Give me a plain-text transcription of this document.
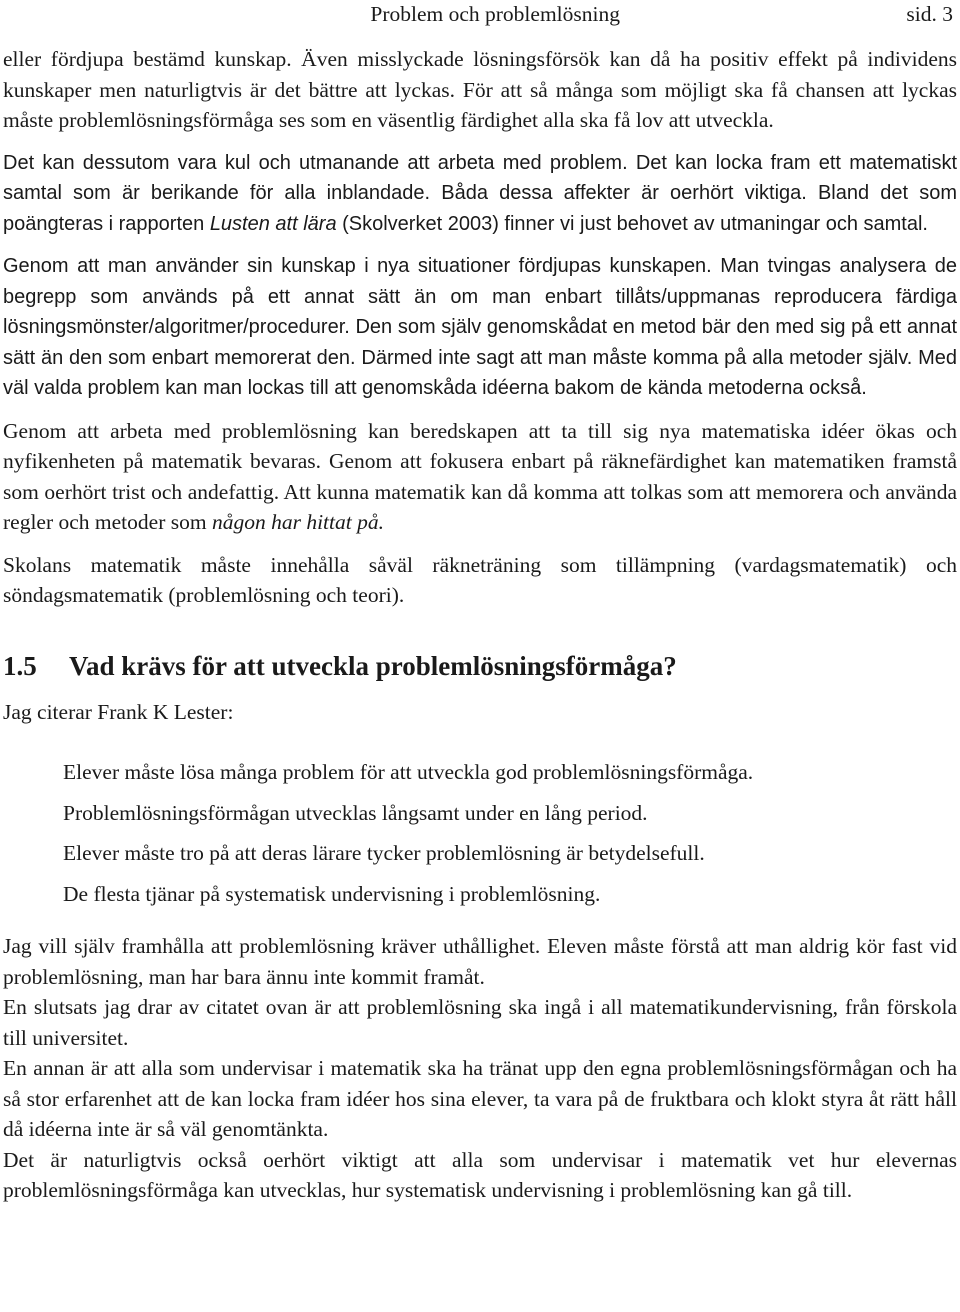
Problem och problemlösning	sid. 3

eller fördjupa bestämd kunskap. Även misslyckade lösningsförsök kan då ha positiv effekt på individens kunskaper men naturligtvis är det bättre att lyckas. För att så många som möjligt ska få chansen att lyckas måste problemlösningsförmåga ses som en väsentlig färdighet alla ska få lov att utveckla.

Det kan dessutom vara kul och utmanande att arbeta med problem. Det kan locka fram ett matematiskt samtal som är berikande för alla inblandade. Båda dessa affekter är oerhört viktiga. Bland det som poängteras i rapporten Lusten att lära (Skolverket 2003) finner vi just behovet av utmaningar och samtal.

Genom att man använder sin kunskap i nya situationer fördjupas kunskapen. Man tvingas analysera de begrepp som används på ett annat sätt än om man enbart tillåts/uppmanas reproducera färdiga lösningsmönster/algoritmer/procedurer. Den som själv genomskådat en metod bär den med sig på ett annat sätt än den som enbart memorerat den. Därmed inte sagt att man måste komma på alla metoder själv. Med väl valda problem kan man lockas till att genomskåda idéerna bakom de kända metoderna också.

Genom att arbeta med problemlösning kan beredskapen att ta till sig nya matematiska idéer ökas och nyfikenheten på matematik bevaras. Genom att fokusera enbart på räknefärdighet kan matematiken framstå som oerhört trist och andefattig. Att kunna matematik kan då komma att tolkas som att memorera och använda regler och metoder som någon har hittat på.

Skolans matematik måste innehålla såväl räkneträning som tillämpning (vardagsmatematik) och söndagsmatematik (problemlösning och teori).

1.5 Vad krävs för att utveckla problemlösningsförmåga?

Jag citerar Frank K Lester:

Elever måste lösa många problem för att utveckla god problemlösningsförmåga.
Problemlösningsförmågan utvecklas långsamt under en lång period.
Elever måste tro på att deras lärare tycker problemlösning är betydelsefull.
De flesta tjänar på systematisk undervisning i problemlösning.

Jag vill själv framhålla att problemlösning kräver uthållighet. Eleven måste förstå att man aldrig kör fast vid problemlösning, man har bara ännu inte kommit framåt.

En slutsats jag drar av citatet ovan är att problemlösning ska ingå i all matematikundervisning, från förskola till universitet.

En annan är att alla som undervisar i matematik ska ha tränat upp den egna problemlösningsförmågan och ha så stor erfarenhet att de kan locka fram idéer hos sina elever, ta vara på de fruktbara och klokt styra åt rätt håll då idéerna inte är så väl genomtänkta.

Det är naturligtvis också oerhört viktigt att alla som undervisar i matematik vet hur elevernas problemlösningsförmåga kan utvecklas, hur systematisk undervisning i problemlösning kan gå till.
